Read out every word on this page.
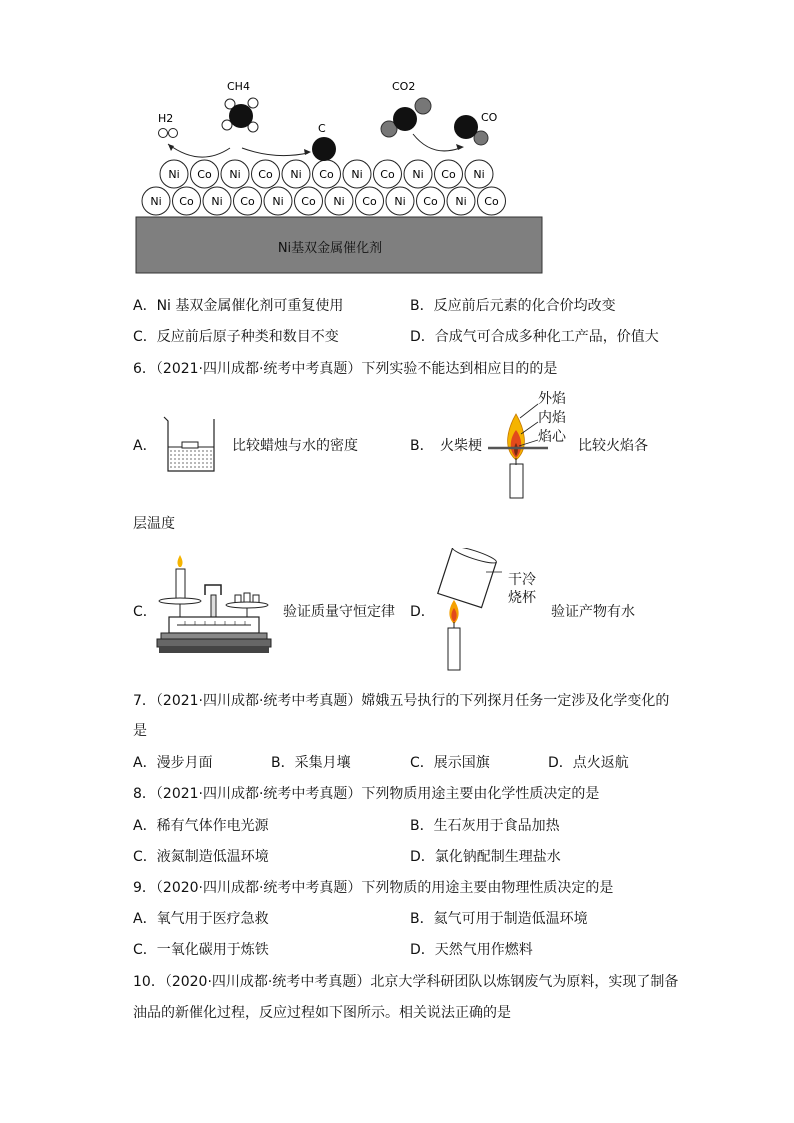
Ni基双金属催化剂
Ni Co Ni Co Ni Co Ni Co Ni Co Ni Co
Ni Co Ni Co Ni Co Ni Co Ni Co Ni
H2
CH4
C
CO2
CO
A．Ni 基双金属催化剂可重复使用	B．反应前后元素的化合价均改变
C．反应前后原子种类和数目不变	D．合成气可合成多种化工产品，价值大
6．（2021·四川成都·统考中考真题）下列实验不能达到相应目的的是
A．	比较蜡烛与水的密度	B． 火柴梗
外焰
内焰
焰心
比较火焰各
层温度
C．	验证质量守恒定律 D．
干冷
烧杯
验证产物有水
7．（2021·四川成都·统考中考真题）嫦娥五号执行的下列探月任务一定涉及化学变化的
是
A．漫步月面	B．采集月壤	C．展示国旗	D．点火返航
8．（2021·四川成都·统考中考真题）下列物质用途主要由化学性质决定的是
A．稀有气体作电光源	B．生石灰用于食品加热
C．液氮制造低温环境	D．氯化钠配制生理盐水
9．（2020·四川成都·统考中考真题）下列物质的用途主要由物理性质决定的是
A．氧气用于医疗急救	B．氦气可用于制造低温环境
C．一氧化碳用于炼铁	D．天然气用作燃料
10．（2020·四川成都·统考中考真题）北京大学科研团队以炼钢废气为原料，实现了制备
油品的新催化过程，反应过程如下图所示。相关说法正确的是
